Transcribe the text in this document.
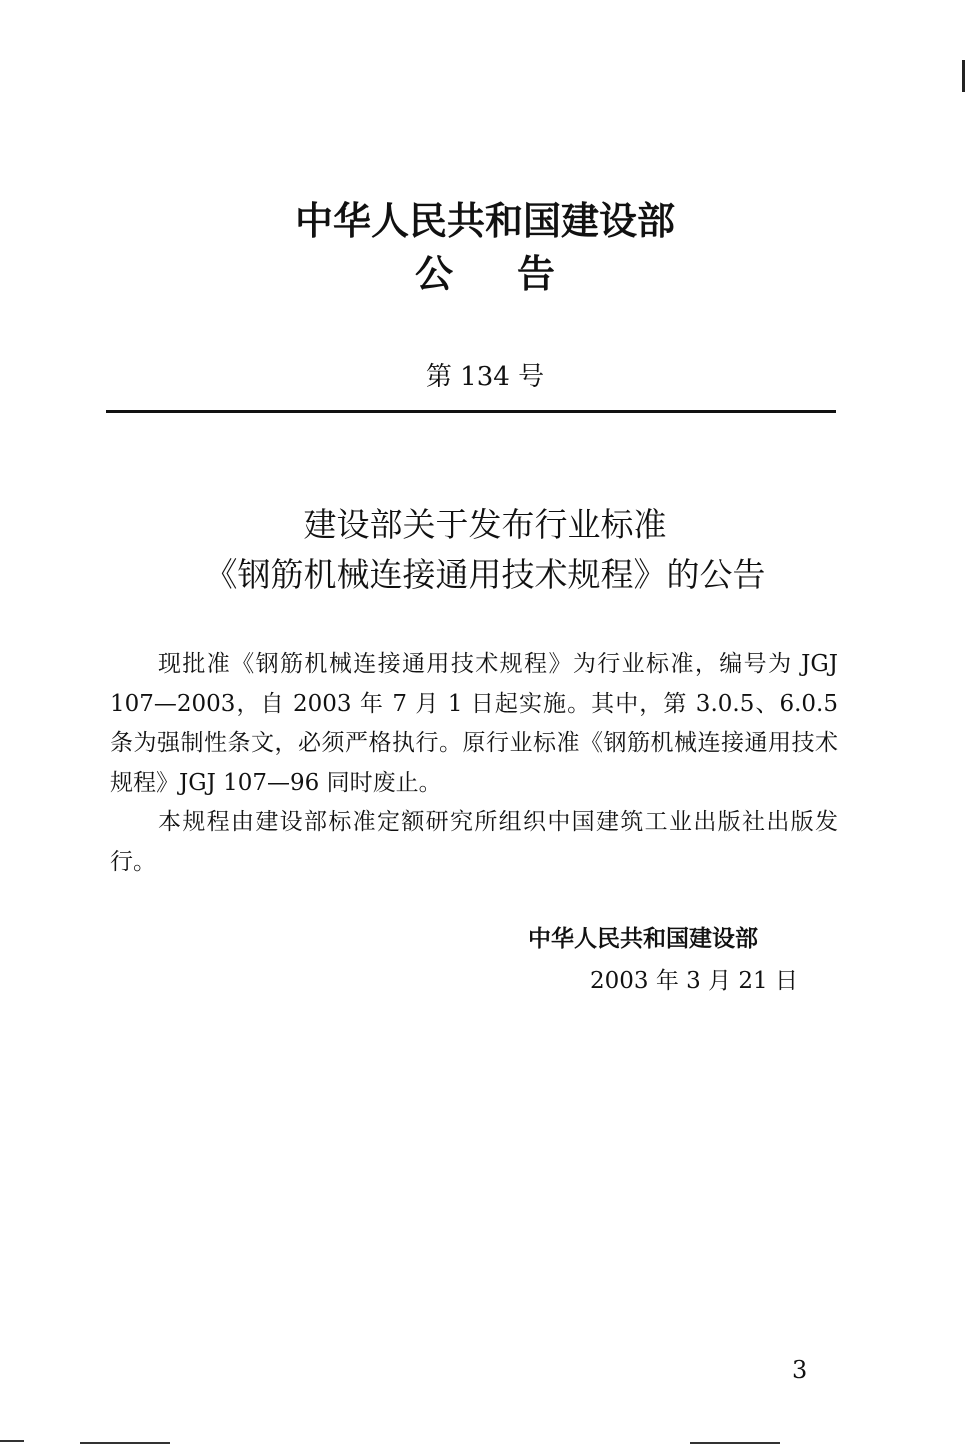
中华人民共和国建设部
公告
第 134 号
建设部关于发布行业标准
《钢筋机械连接通用技术规程》的公告

现批准《钢筋机械连接通用技术规程》为行业标准，编号为 JGJ 107—2003，自 2003 年 7 月 1 日起实施。其中，第 3.0.5、6.0.5 条为强制性条文，必须严格执行。原行业标准《钢筋机械连接通用技术规程》JGJ 107—96 同时废止。

本规程由建设部标准定额研究所组织中国建筑工业出版社出版发行。

中华人民共和国建设部
2003 年 3 月 21 日
3
